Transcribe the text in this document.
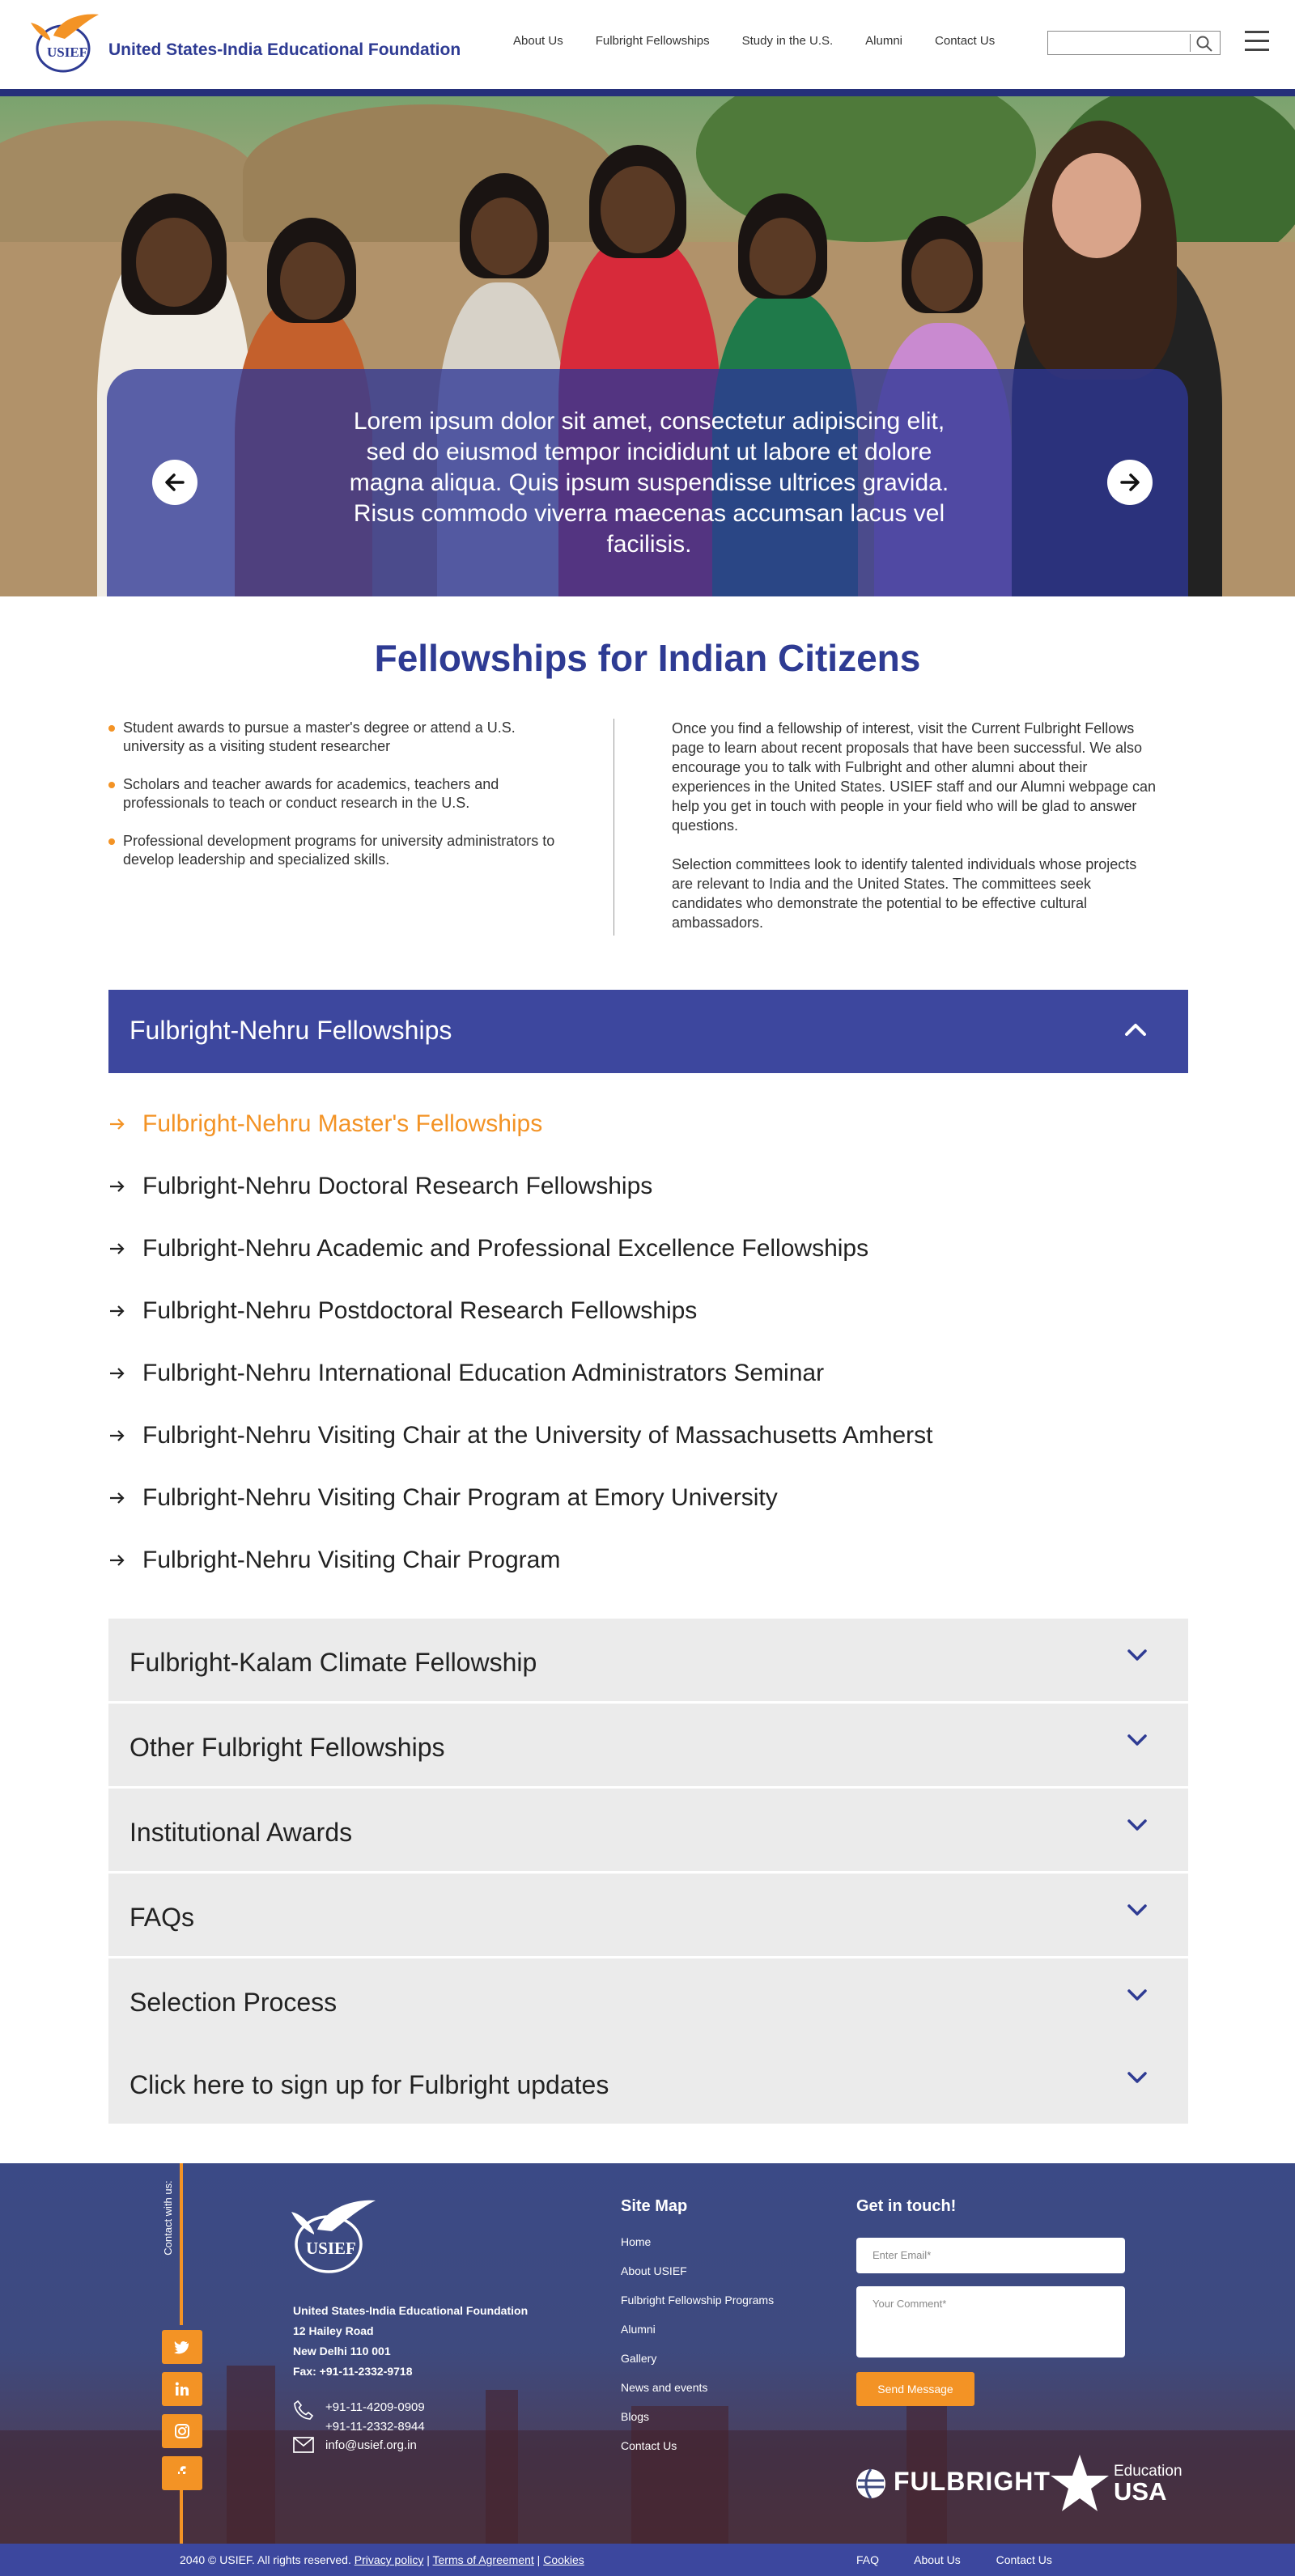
USIEF United States-India Educational Foundation	About Us	Fulbright Fellowships	Study in the U.S.	Alumni	Contact Us
Lorem ipsum dolor sit amet, consectetur adipiscing elit, sed do eiusmod tempor incididunt ut labore et dolore magna aliqua. Quis ipsum suspendisse ultrices gravida. Risus commodo viverra maecenas accumsan lacus vel facilisis.
Fellowships for Indian Citizens
Student awards to pursue a master's degree or attend a U.S. university as a visiting student researcher
Scholars and teacher awards for academics, teachers and professionals to teach or conduct research in the U.S.
Professional development programs for university administrators to develop leadership and specialized skills.

Once you find a fellowship of interest, visit the Current Fulbright Fellows page to learn about recent proposals that have been successful. We also encourage you to talk with Fulbright and other alumni about their experiences in the United States. USIEF staff and our Alumni webpage can help you get in touch with people in your field who will be glad to answer questions.

Selection committees look to identify talented individuals whose projects are relevant to India and the United States. The committees seek candidates who demonstrate the potential to be effective cultural ambassadors.

Fulbright-Nehru Fellowships
Fulbright-Nehru Master's Fellowships
Fulbright-Nehru Doctoral Research Fellowships
Fulbright-Nehru Academic and Professional Excellence Fellowships
Fulbright-Nehru Postdoctoral Research Fellowships
Fulbright-Nehru International Education Administrators Seminar
Fulbright-Nehru Visiting Chair at the University of Massachusetts Amherst
Fulbright-Nehru Visiting Chair Program at Emory University
Fulbright-Nehru Visiting Chair Program
Fulbright-Kalam Climate Fellowship
Other Fulbright Fellowships
Institutional Awards
FAQs
Selection Process
Click here to sign up for Fulbright updates
Contact with us:	USIEF
United States-India Educational Foundation
12 Hailey Road
New Delhi 110 001
Fax: +91-11-2332-9718
+91-11-4209-0909
+91-11-2332-8944
info@usief.org.in
Site Map
Home
About USIEF
Fulbright Fellowship Programs
Alumni
Gallery
News and events
Blogs
Contact Us
Get in touch!
Enter Email*
Your Comment*
Send Message
FULBRIGHT	Education
USA
2040 © USIEF. All rights reserved. Privacy policy | Terms of Agreement | Cookies	FAQ	About Us	Contact Us
